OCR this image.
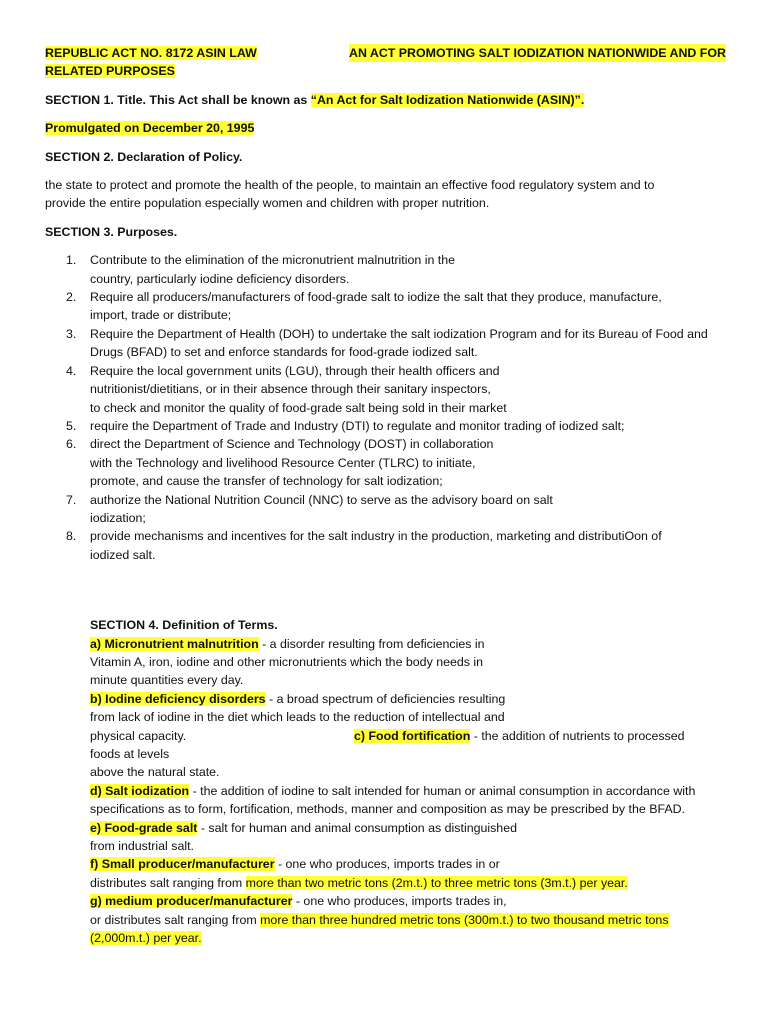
REPUBLIC ACT NO. 8172 ASIN LAW	AN ACT PROMOTING SALT IODIZATION NATIONWIDE AND FOR
RELATED PURPOSES

SECTION 1. Title. This Act shall be known as “An Act for Salt Iodization Nationwide (ASIN)”.

Promulgated on December 20, 1995

SECTION 2. Declaration of Policy.

the state to protect and promote the health of the people, to maintain an effective food regulatory system and to
provide the entire population especially women and children with proper nutrition.

SECTION 3. Purposes.

1. Contribute to the elimination of the micronutrient malnutrition in the
country, particularly iodine deficiency disorders.
2. Require all producers/manufacturers of food-grade salt to iodize the salt that they produce, manufacture,
import, trade or distribute;
3. Require the Department of Health (DOH) to undertake the salt iodization Program and for its Bureau of Food and
Drugs (BFAD) to set and enforce standards for food-grade iodized salt.
4. Require the local government units (LGU), through their health officers and
nutritionist/dietitians, or in their absence through their sanitary inspectors,
to check and monitor the quality of food-grade salt being sold in their market
5. require the Department of Trade and Industry (DTI) to regulate and monitor trading of iodized salt;
6. direct the Department of Science and Technology (DOST) in collaboration
with the Technology and livelihood Resource Center (TLRC) to initiate,
promote, and cause the transfer of technology for salt iodization;
7. authorize the National Nutrition Council (NNC) to serve as the advisory board on salt
iodization;
8. provide mechanisms and incentives for the salt industry in the production, marketing and distributiOon of
iodized salt.
SECTION 4. Definition of Terms.
a) Micronutrient malnutrition - a disorder resulting from deficiencies in
Vitamin A, iron, iodine and other micronutrients which the body needs in
minute quantities every day.
b) Iodine deficiency disorders - a broad spectrum of deficiencies resulting
from lack of iodine in the diet which leads to the reduction of intellectual and
physical capacity.	c) Food fortification - the addition of nutrients to processed
foods at levels
above the natural state.
d) Salt iodization - the addition of iodine to salt intended for human or animal consumption in accordance with
specifications as to form, fortification, methods, manner and composition as may be prescribed by the BFAD.
e) Food-grade salt - salt for human and animal consumption as distinguished
from industrial salt.
f) Small producer/manufacturer - one who produces, imports trades in or
distributes salt ranging from more than two metric tons (2m.t.) to three metric tons (3m.t.) per year.
g) medium producer/manufacturer - one who produces, imports trades in,
or distributes salt ranging from more than three hundred metric tons (300m.t.) to two thousand metric tons
(2,000m.t.) per year.
